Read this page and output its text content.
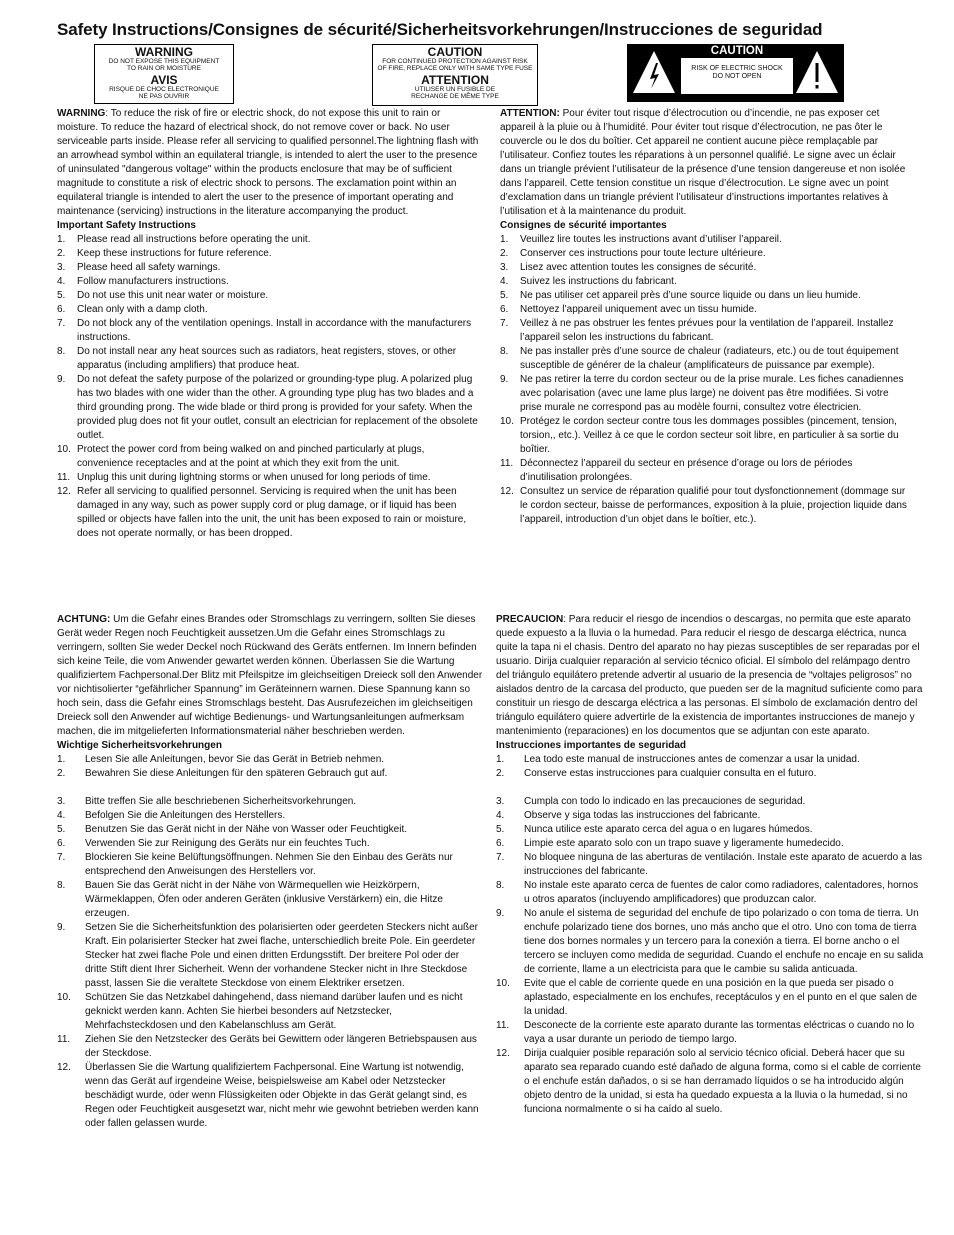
Safety Instructions/Consignes de sécurité/Sicherheitsvorkehrungen/Instrucciones de seguridad
WARNING
DO NOT EXPOSE THIS EQUIPMENT
TO RAIN OR MOISTURE
AVIS
RISQUE DE CHOC ELECTRONIQUE
NE PAS OUVRIR
CAUTION
FOR CONTINUED PROTECTION AGAINST RISK
OF FIRE, REPLACE ONLY WITH SAME TYPE FUSE
ATTENTION
UTILISER UN FUSIBLE DE
RECHANGE DE MÊME TYPE
CAUTION
RISK OF ELECTRIC SHOCK
DO NOT OPEN

WARNING: To reduce the risk of fire or electric shock, do not expose this unit to rain or moisture. To reduce the hazard of electrical shock, do not remove cover or back. No user serviceable parts inside. Please refer all servicing to qualified personnel.The lightning flash with an arrowhead symbol within an equilateral triangle, is intended to alert the user to the presence of uninsulated "dangerous voltage" within the products enclosure that may be of sufficient magnitude to constitute a risk of electric shock to persons. The exclamation point within an equilateral triangle is intended to alert the user to the presence of important operating and maintenance (servicing) instructions in the literature accompanying the product.

Important Safety Instructions
1. Please read all instructions before operating the unit.
2. Keep these instructions for future reference.
3. Please heed all safety warnings.
4. Follow manufacturers instructions.
5. Do not use this unit near water or moisture.
6. Clean only with a damp cloth.
7. Do not block any of the ventilation openings. Install in accordance with the manufacturers instructions.
8. Do not install near any heat sources such as radiators, heat registers, stoves, or other apparatus (including amplifiers) that produce heat.
9. Do not defeat the safety purpose of the polarized or grounding-type plug. A polarized plug has two blades with one wider than the other. A grounding type plug has two blades and a third grounding prong. The wide blade or third prong is provided for your safety. When the provided plug does not fit your outlet, consult an electrician for replacement of the obsolete outlet.
10. Protect the power cord from being walked on and pinched particularly at plugs, convenience receptacles and at the point at which they exit from the unit.
11. Unplug this unit during lightning storms or when unused for long periods of time.
12. Refer all servicing to qualified personnel. Servicing is required when the unit has been damaged in any way, such as power supply cord or plug damage, or if liquid has been spilled or objects have fallen into the unit, the unit has been exposed to rain or moisture, does not operate normally, or has been dropped.

ATTENTION: Pour éviter tout risque d’électrocution ou d’incendie, ne pas exposer cet appareil à la pluie ou à l’humidité. Pour éviter tout risque d’électrocution, ne pas ôter le couvercle ou le dos du boîtier. Cet appareil ne contient aucune pièce remplaçable par l’utilisateur. Confiez toutes les réparations à un personnel qualifié. Le signe avec un éclair dans un triangle prévient l’utilisateur de la présence d’une tension dangereuse et non isolée dans l’appareil. Cette tension constitue un risque d’électrocution. Le signe avec un point d’exclamation dans un triangle prévient l’utilisateur d’instructions importantes relatives à l’utilisation et à la maintenance du produit.

Consignes de sécurité importantes
1. Veuillez lire toutes les instructions avant d’utiliser l’appareil.
2. Conserver ces instructions pour toute lecture ultérieure.
3. Lisez avec attention toutes les consignes de sécurité.
4. Suivez les instructions du fabricant.
5. Ne pas utiliser cet appareil près d’une source liquide ou dans un lieu humide.
6. Nettoyez l’appareil uniquement avec un tissu humide.
7. Veillez à ne pas obstruer les fentes prévues pour la ventilation de l’appareil. Installez l’appareil selon les instructions du fabricant.
8. Ne pas installer près d’une source de chaleur (radiateurs, etc.) ou de tout équipement susceptible de générer de la chaleur (amplificateurs de puissance par exemple).
9. Ne pas retirer la terre du cordon secteur ou de la prise murale. Les fiches canadiennes avec polarisation (avec une lame plus large) ne doivent pas être modifiées. Si votre prise murale ne correspond pas au modèle fourni, consultez votre électricien.
10. Protégez le cordon secteur contre tous les dommages possibles (pincement, tension, torsion,, etc.). Veillez à ce que le cordon secteur soit libre, en particulier à sa sortie du boîtier.
11. Déconnectez l’appareil du secteur en présence d’orage ou lors de périodes d’inutilisation prolongées.
12. Consultez un service de réparation qualifié pour tout dysfonctionnement (dommage sur le cordon secteur, baisse de performances, exposition à la pluie, projection liquide dans l’appareil, introduction d’un objet dans le boîtier, etc.).

ACHTUNG: Um die Gefahr eines Brandes oder Stromschlags zu verringern, sollten Sie dieses Gerät weder Regen noch Feuchtigkeit aussetzen.Um die Gefahr eines Stromschlags zu verringern, sollten Sie weder Deckel noch Rückwand des Geräts entfernen. Im Innern befinden sich keine Teile, die vom Anwender gewartet werden können. Überlassen Sie die Wartung qualifiziertem Fachpersonal.Der Blitz mit Pfeilspitze im gleichseitigen Dreieck soll den Anwender vor nichtisolierter “gefährlicher Spannung” im Geräteinnern warnen. Diese Spannung kann so hoch sein, dass die Gefahr eines Stromschlags besteht. Das Ausrufezeichen im gleichseitigen Dreieck soll den Anwender auf wichtige Bedienungs- und Wartungsanleitungen aufmerksam machen, die im mitgelieferten Informationsmaterial näher beschrieben werden.

Wichtige Sicherheitsvorkehrungen
1. Lesen Sie alle Anleitungen, bevor Sie das Gerät in Betrieb nehmen.
2. Bewahren Sie diese Anleitungen für den späteren Gebrauch gut auf.
3. Bitte treffen Sie alle beschriebenen Sicherheitsvorkehrungen.
4. Befolgen Sie die Anleitungen des Herstellers.
5. Benutzen Sie das Gerät nicht in der Nähe von Wasser oder Feuchtigkeit.
6. Verwenden Sie zur Reinigung des Geräts nur ein feuchtes Tuch.
7. Blockieren Sie keine Belüftungsöffnungen. Nehmen Sie den Einbau des Geräts nur entsprechend den Anweisungen des Herstellers vor.
8. Bauen Sie das Gerät nicht in der Nähe von Wärmequellen wie Heizkörpern, Wärmeklappen, Öfen oder anderen Geräten (inklusive Verstärkern) ein, die Hitze erzeugen.
9. Setzen Sie die Sicherheitsfunktion des polarisierten oder geerdeten Steckers nicht außer Kraft. Ein polarisierter Stecker hat zwei flache, unterschiedlich breite Pole. Ein geerdeter Stecker hat zwei flache Pole und einen dritten Erdungsstift. Der breitere Pol oder der dritte Stift dient Ihrer Sicherheit. Wenn der vorhandene Stecker nicht in Ihre Steckdose passt, lassen Sie die veraltete Steckdose von einem Elektriker ersetzen.
10. Schützen Sie das Netzkabel dahingehend, dass niemand darüber laufen und es nicht geknickt werden kann. Achten Sie hierbei besonders auf Netzstecker, Mehrfachsteckdosen und den Kabelanschluss am Gerät.
11. Ziehen Sie den Netzstecker des Geräts bei Gewittern oder längeren Betriebspausen aus der Steckdose.
12. Überlassen Sie die Wartung qualifiziertem Fachpersonal. Eine Wartung ist notwendig, wenn das Gerät auf irgendeine Weise, beispielsweise am Kabel oder Netzstecker beschädigt wurde, oder wenn Flüssigkeiten oder Objekte in das Gerät gelangt sind, es Regen oder Feuchtigkeit ausgesetzt war, nicht mehr wie gewohnt betrieben werden kann oder fallen gelassen wurde.

PRECAUCION: Para reducir el riesgo de incendios o descargas, no permita que este aparato quede expuesto a la lluvia o la humedad. Para reducir el riesgo de descarga eléctrica, nunca quite la tapa ni el chasis. Dentro del aparato no hay piezas susceptibles de ser reparadas por el usuario. Dirija cualquier reparación al servicio técnico oficial. El símbolo del relámpago dentro del triángulo equilátero pretende advertir al usuario de la presencia de “voltajes peligrosos” no aislados dentro de la carcasa del producto, que pueden ser de la magnitud suficiente como para constituir un riesgo de descarga eléctrica a las personas. El símbolo de exclamación dentro del triángulo equilátero quiere advertirle de la existencia de importantes instrucciones de manejo y mantenimiento (reparaciones) en los documentos que se adjuntan con este aparato.

Instrucciones importantes de seguridad
1. Lea todo este manual de instrucciones antes de comenzar a usar la unidad.
2. Conserve estas instrucciones para cualquier consulta en el futuro.
3. Cumpla con todo lo indicado en las precauciones de seguridad.
4. Observe y siga todas las instrucciones del fabricante.
5. Nunca utilice este aparato cerca del agua o en lugares húmedos.
6. Limpie este aparato solo con un trapo suave y ligeramente humedecido.
7. No bloquee ninguna de las aberturas de ventilación. Instale este aparato de acuerdo a las instrucciones del fabricante.
8. No instale este aparato cerca de fuentes de calor como radiadores, calentadores, hornos u otros aparatos (incluyendo amplificadores) que produzcan calor.
9. No anule el sistema de seguridad del enchufe de tipo polarizado o con toma de tierra. Un enchufe polarizado tiene dos bornes, uno más ancho que el otro. Uno con toma de tierra tiene dos bornes normales y un tercero para la conexión a tierra. El borne ancho o el tercero se incluyen como medida de seguridad. Cuando el enchufe no encaje en su salida de corriente, llame a un electricista para que le cambie su salida anticuada.
10. Evite que el cable de corriente quede en una posición en la que pueda ser pisado o aplastado, especialmente en los enchufes, receptáculos y en el punto en el que salen de la unidad.
11. Desconecte de la corriente este aparato durante las tormentas eléctricas o cuando no lo vaya a usar durante un periodo de tiempo largo.
12. Dirija cualquier posible reparación solo al servicio técnico oficial. Deberá hacer que su aparato sea reparado cuando esté dañado de alguna forma, como si el cable de corriente o el enchufe están dañados, o si se han derramado líquidos o se ha introducido algún objeto dentro de la unidad, si esta ha quedado expuesta a la lluvia o la humedad, si no funciona normalmente o si ha caído al suelo.
